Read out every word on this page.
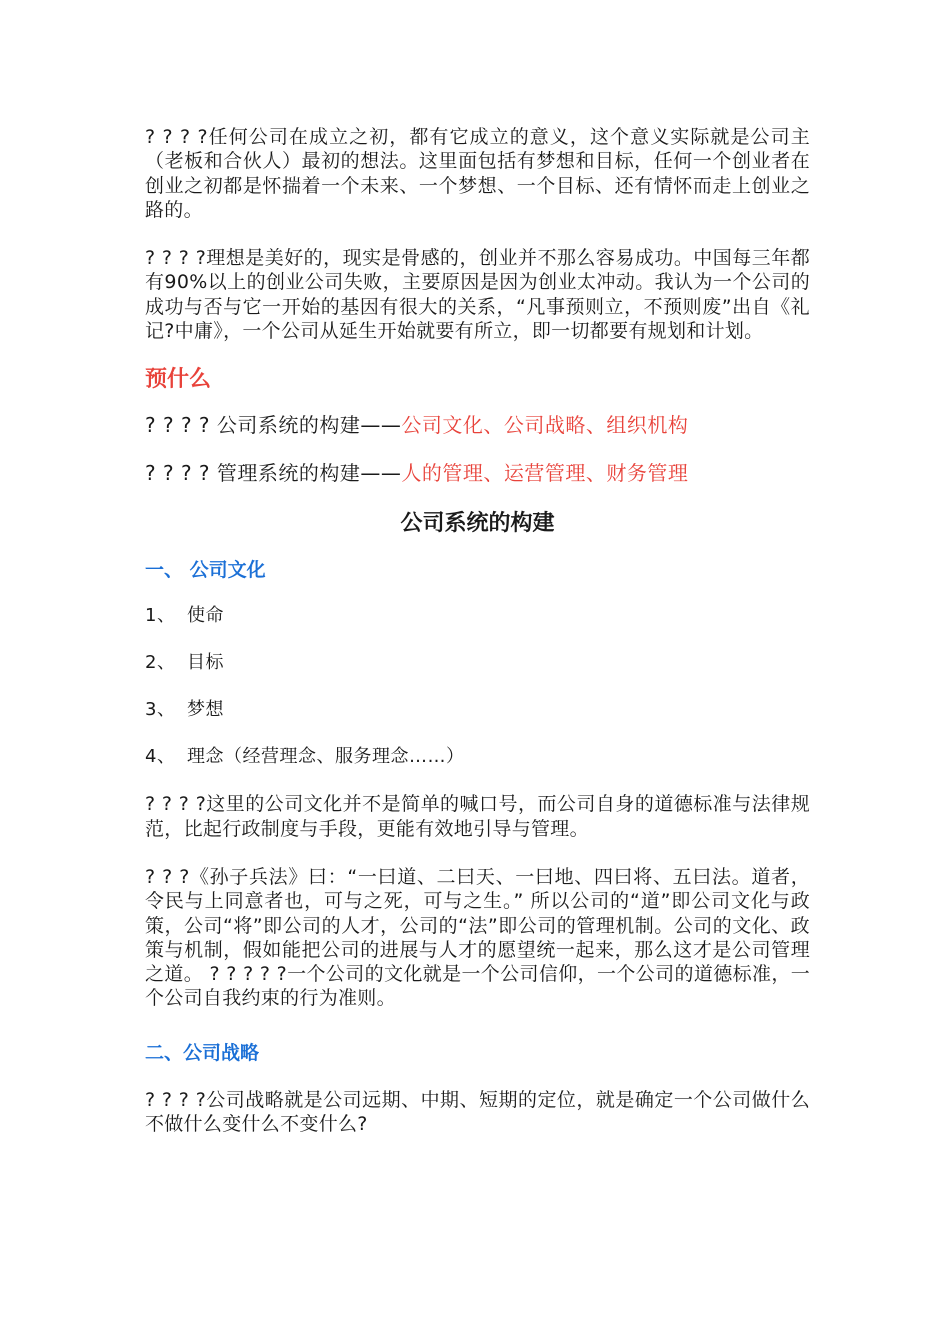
? ? ? ?任何公司在成立之初，都有它成立的意义，这个意义实际就是公司主（老板和合伙人）最初的想法。这里面包括有梦想和目标，任何一个创业者在创业之初都是怀揣着一个未来、一个梦想、一个目标、还有情怀而走上创业之路的。

? ? ? ?理想是美好的，现实是骨感的，创业并不那么容易成功。中国每三年都有90%以上的创业公司失败，主要原因是因为创业太冲动。我认为一个公司的成功与否与它一开始的基因有很大的关系，“凡事预则立，不预则废”出自《礼记?中庸》，一个公司从延生开始就要有所立，即一切都要有规划和计划。

预什么
? ? ? ? 公司系统的构建——公司文化、公司战略、组织机构
? ? ? ? 管理系统的构建——人的管理、运营管理、财务管理
公司系统的构建
一、 公司文化
1、 使命
2、 目标
3、 梦想
4、 理念（经营理念、服务理念……）

? ? ? ?这里的公司文化并不是简单的喊口号，而公司自身的道德标准与法律规范，比起行政制度与手段，更能有效地引导与管理。

? ? ?《孙子兵法》曰：“一曰道、二曰天、一曰地、四曰将、五曰法。道者，令民与上同意者也，可与之死，可与之生。” 所以公司的“道”即公司文化与政策，公司“将”即公司的人才，公司的“法”即公司的管理机制。公司的文化、政策与机制，假如能把公司的进展与人才的愿望统一起来，那么这才是公司管理之道。 ? ? ? ? ?一个公司的文化就是一个公司信仰，一个公司的道德标准，一个公司自我约束的行为准则。

二、公司战略

? ? ? ?公司战略就是公司远期、中期、短期的定位，就是确定一个公司做什么不做什么变什么不变什么?
